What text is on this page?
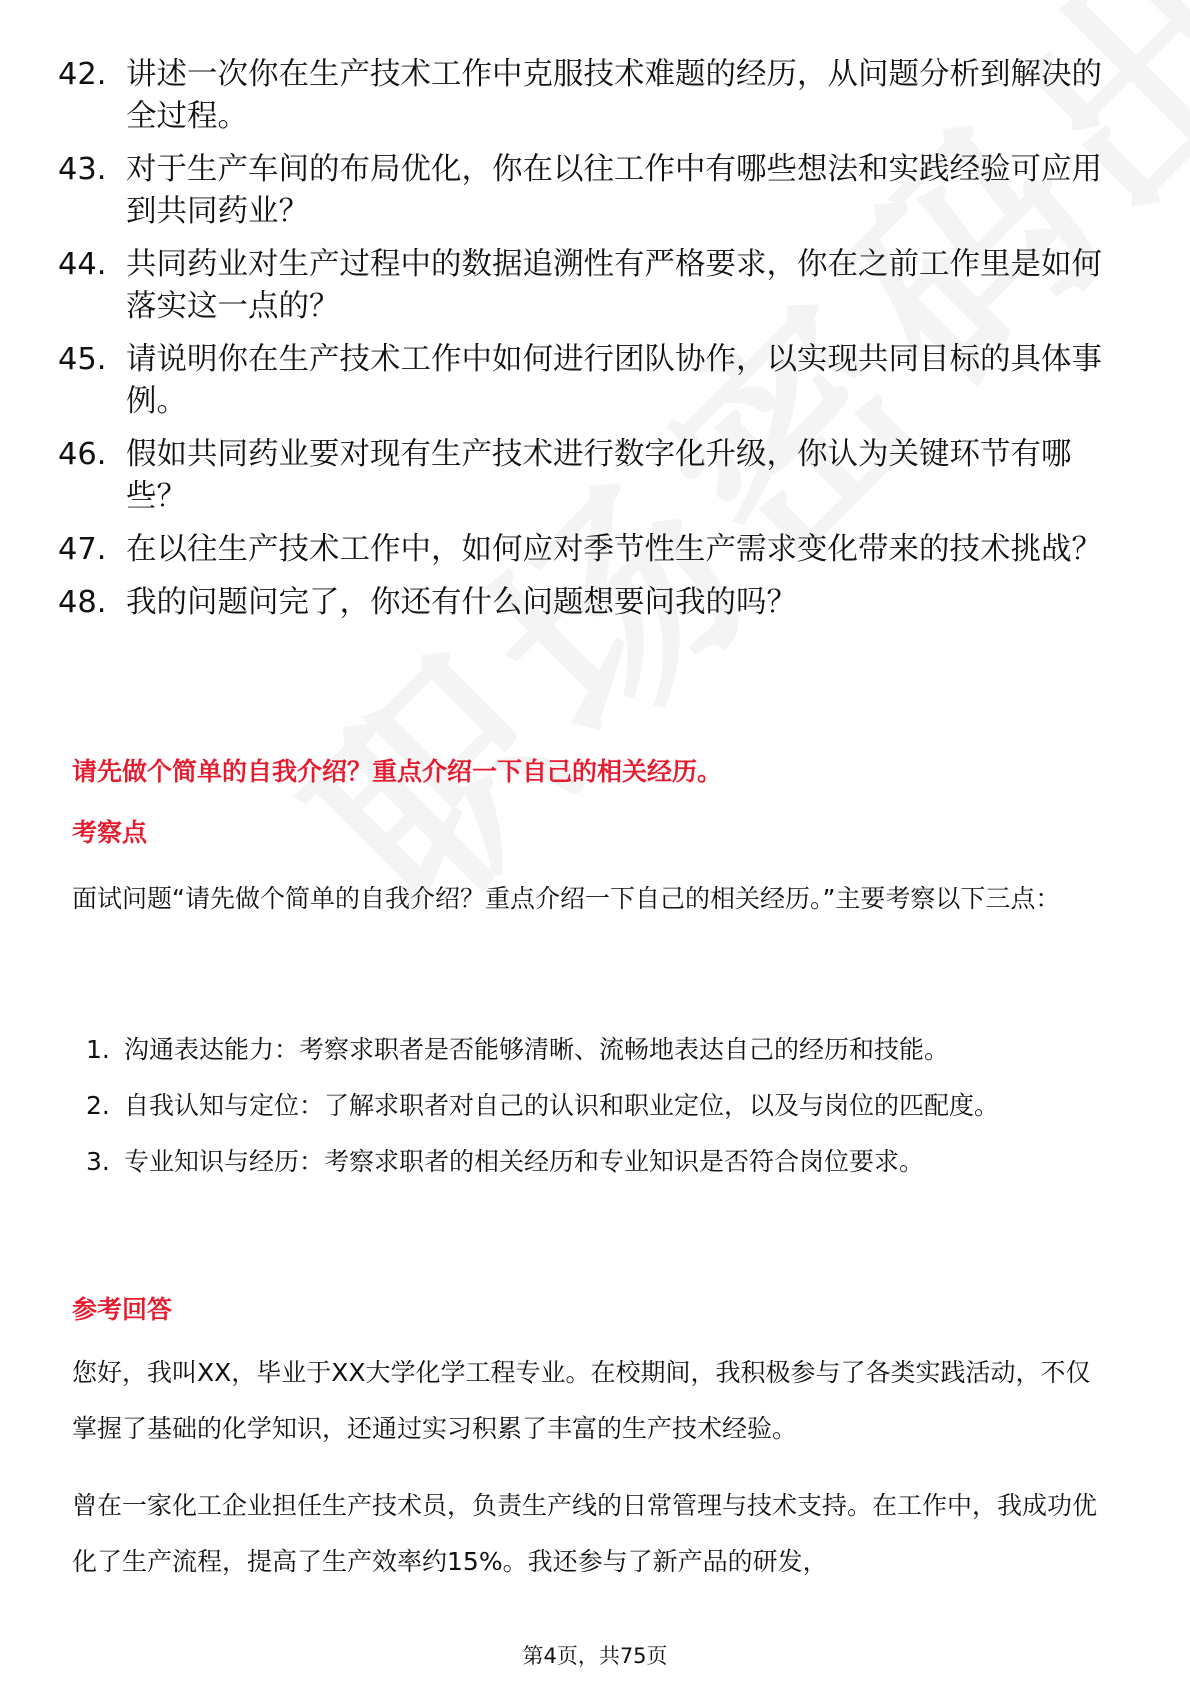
42. 讲述一次你在生产技术工作中克服技术难题的经历，从问题分析到解决的全过程。
43. 对于生产车间的布局优化，你在以往工作中有哪些想法和实践经验可应用到共同药业？
44. 共同药业对生产过程中的数据追溯性有严格要求，你在之前工作里是如何落实这一点的？
45. 请说明你在生产技术工作中如何进行团队协作，以实现共同目标的具体事例。
46. 假如共同药业要对现有生产技术进行数字化升级，你认为关键环节有哪些？
47. 在以往生产技术工作中，如何应对季节性生产需求变化带来的技术挑战？
48. 我的问题问完了，你还有什么问题想要问我的吗？
请先做个简单的自我介绍？重点介绍一下自己的相关经历。
考察点
面试问题“请先做个简单的自我介绍？重点介绍一下自己的相关经历。”主要考察以下三点：
1. 沟通表达能力：考察求职者是否能够清晰、流畅地表达自己的经历和技能。
2. 自我认知与定位：了解求职者对自己的认识和职业定位，以及与岗位的匹配度。
3. 专业知识与经历：考察求职者的相关经历和专业知识是否符合岗位要求。
参考回答
您好，我叫XX，毕业于XX大学化学工程专业。在校期间，我积极参与了各类实践活动，不仅掌握了基础的化学知识，还通过实习积累了丰富的生产技术经验。
曾在一家化工企业担任生产技术员，负责生产线的日常管理与技术支持。在工作中，我成功优化了生产流程，提高了生产效率约15%。我还参与了新产品的研发，
第4页，共75页
